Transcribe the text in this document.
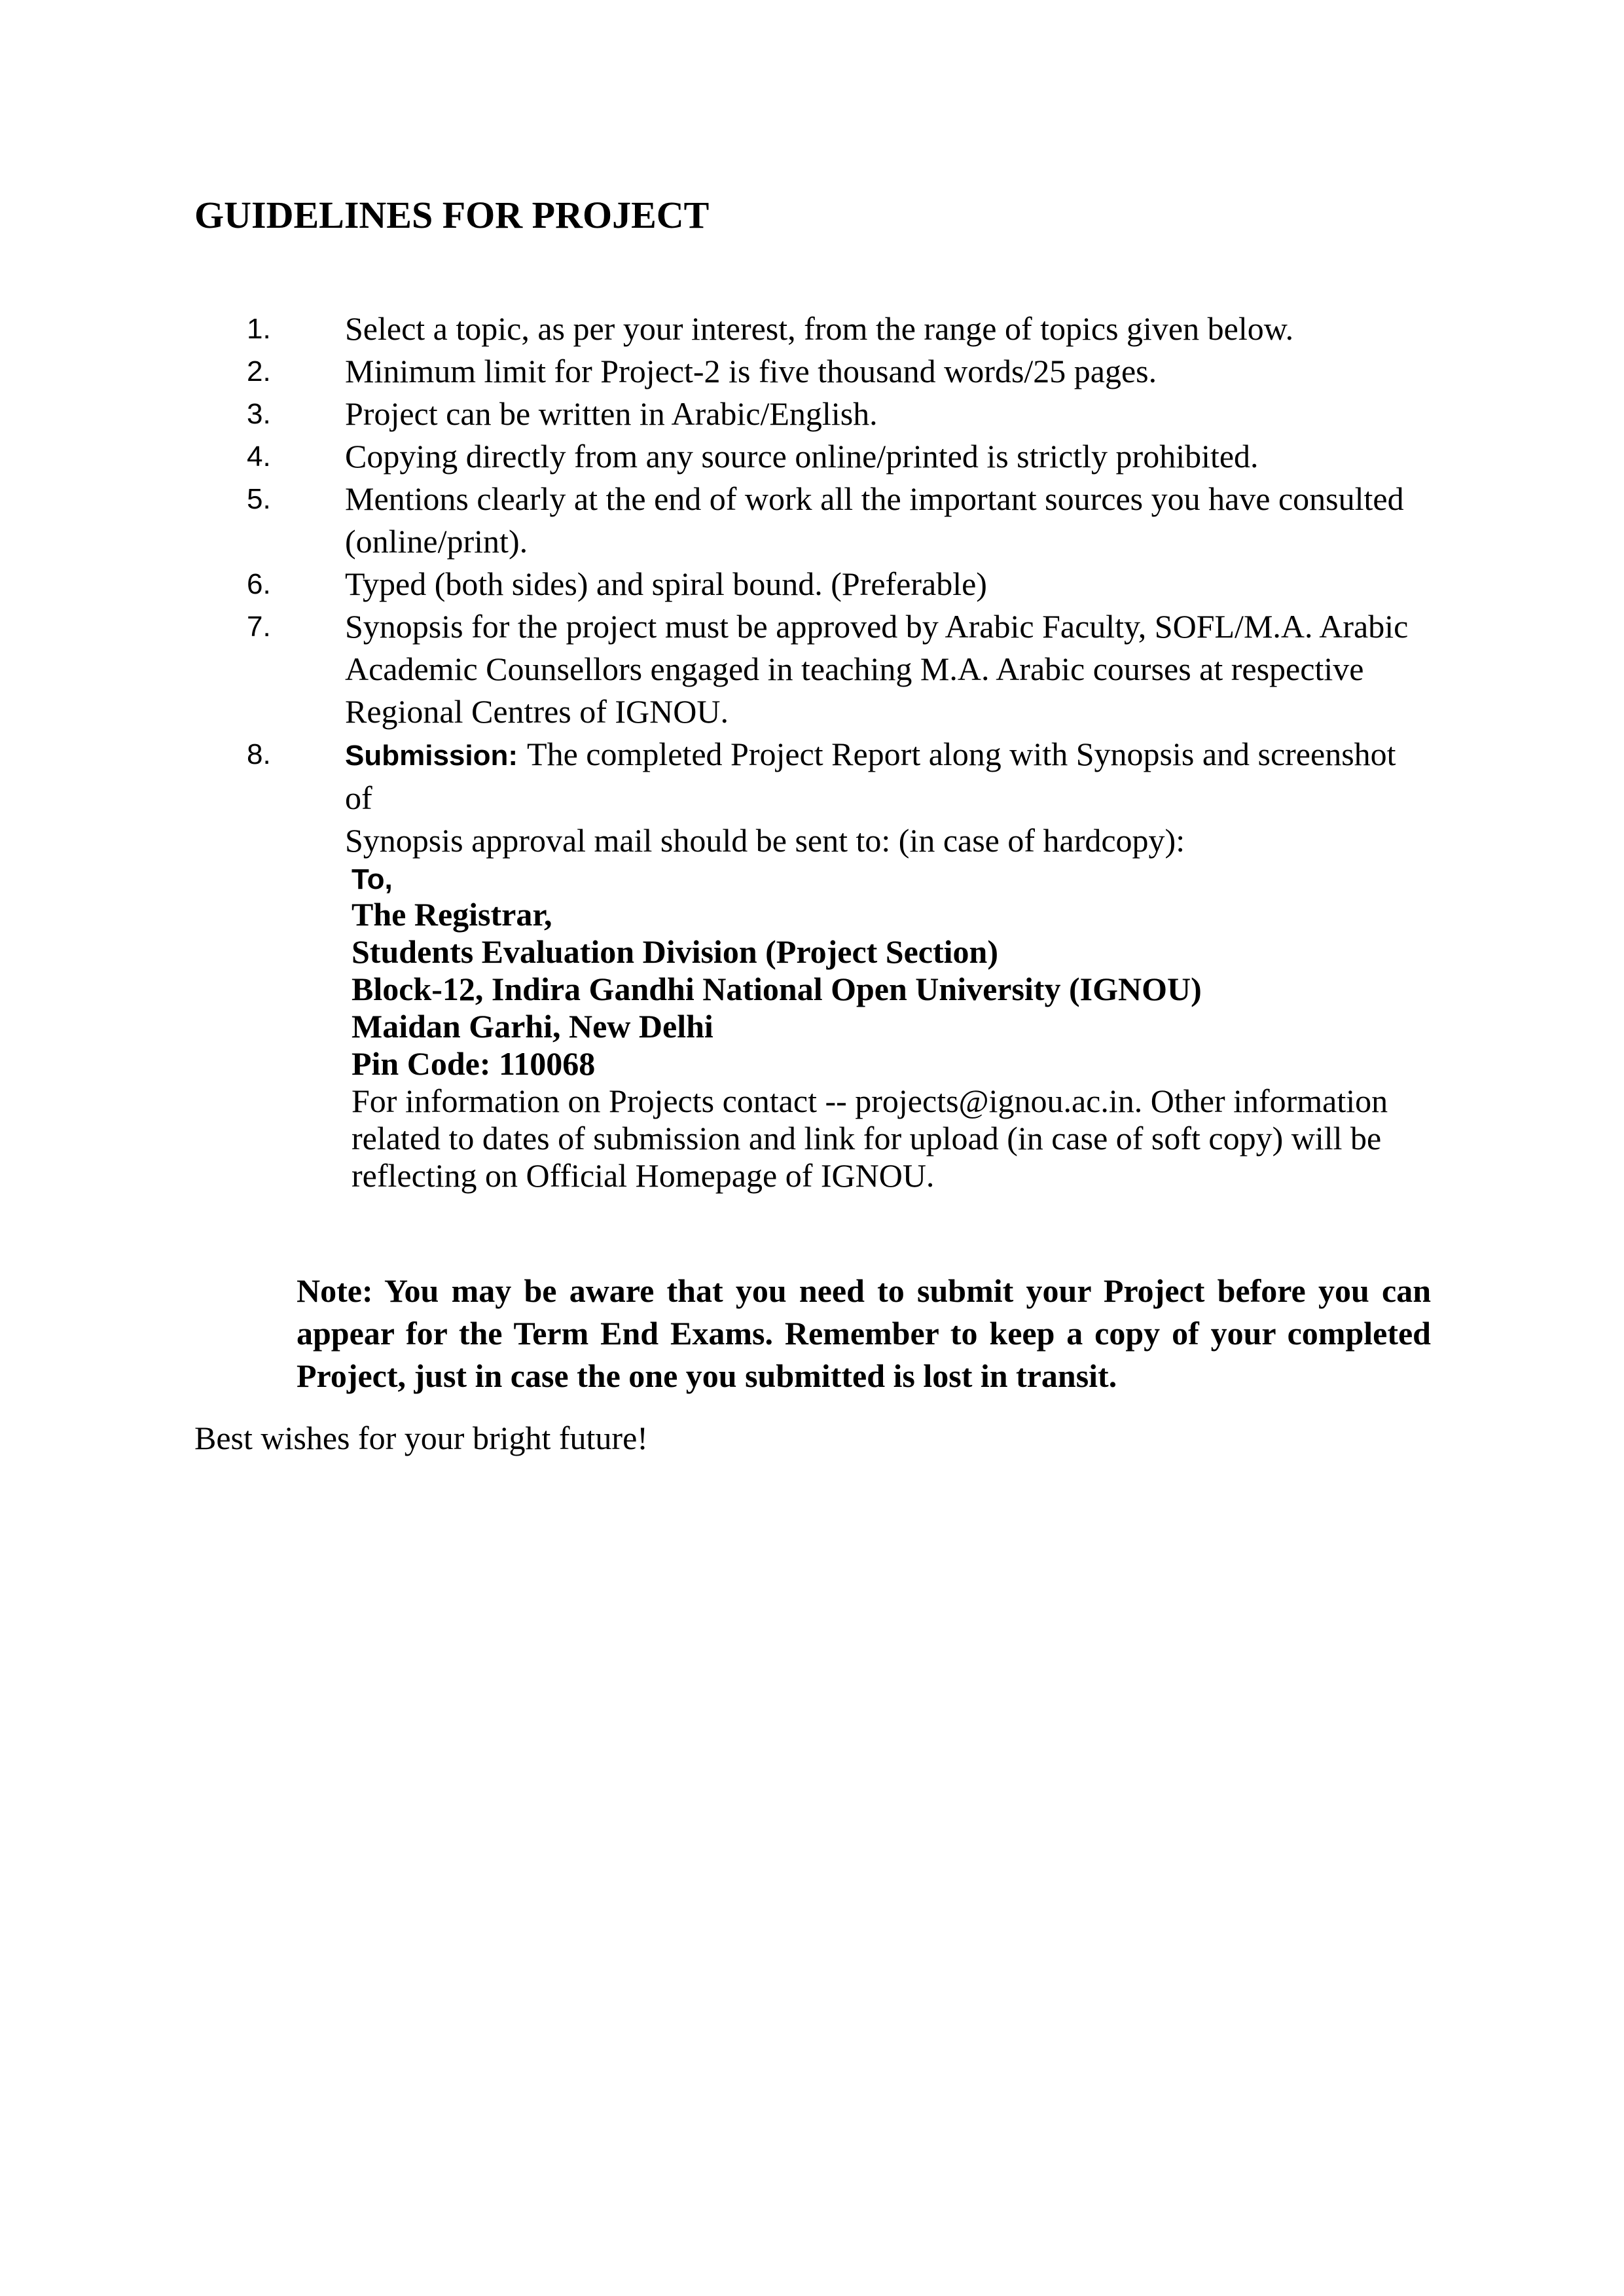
GUIDELINES FOR PROJECT
1.	Select a topic, as per your interest, from the range of topics given below.
2.	Minimum limit for Project-2 is five thousand words/25 pages.
3.	Project can be written in Arabic/English.
4.	Copying directly from any source online/printed is strictly prohibited.
5.	Mentions clearly at the end of work all the important sources you have consulted
(online/print).
6.	Typed (both sides) and spiral bound. (Preferable)
7.	Synopsis for the project must be approved by Arabic Faculty, SOFL/M.A. Arabic
Academic Counsellors engaged in teaching M.A. Arabic courses at respective
Regional Centres of IGNOU.
8.	Submission: The completed Project Report along with Synopsis and screenshot of
Synopsis approval mail should be sent to: (in case of hardcopy):
To,
The Registrar,
Students Evaluation Division (Project Section)
Block-12, Indira Gandhi National Open University (IGNOU)
Maidan Garhi, New Delhi
Pin Code: 110068
For information on Projects contact -- projects@ignou.ac.in. Other information
related to dates of submission and link for upload (in case of soft copy) will be
reflecting on Official Homepage of IGNOU.
Note: You may be aware that you need to submit your Project before you can
appear for the Term End Exams. Remember to keep a copy of your completed
Project, just in case the one you submitted is lost in transit.
Best wishes for your bright future!
